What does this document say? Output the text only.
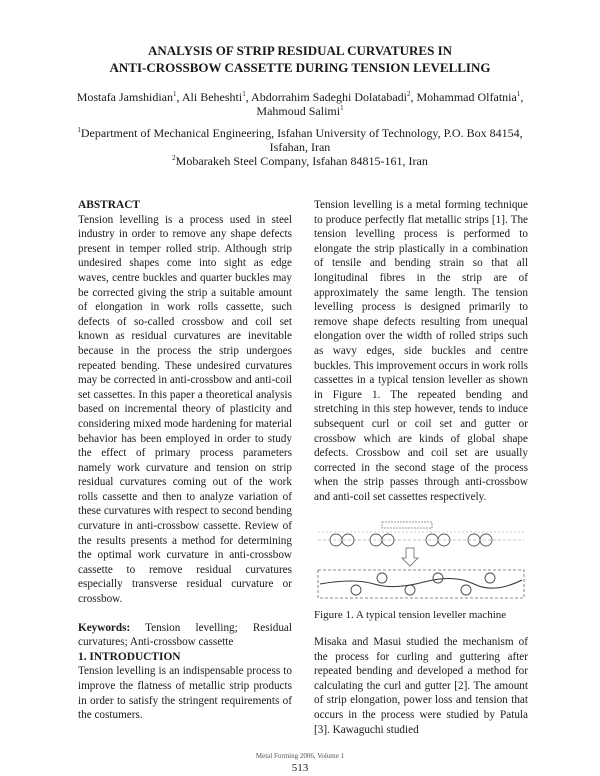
ANALYSIS OF STRIP RESIDUAL CURVATURES IN
ANTI-CROSSBOW CASSETTE DURING TENSION LEVELLING
Mostafa Jamshidian$^1$, Ali Beheshti$^1$, Abdorrahim Sadeghi Dolatabadi$^2$, Mohammad Olfatnia$^1$,
Mahmoud Salimi$^1$
$^1$Department of Mechanical Engineering, Isfahan University of Technology, P.O. Box 84154,
Isfahan, Iran
$^2$Mobarakeh Steel Company, Isfahan 84815-161, Iran

ABSTRACT

Tension levelling is a process used in steel industry in order to remove any shape defects present in temper rolled strip. Although strip undesired shapes come into sight as edge waves, centre buckles and quarter buckles may be corrected giving the strip a suitable amount of elongation in work rolls cassette, such defects of so-called crossbow and coil set known as residual curvatures are inevitable because in the process the strip undergoes repeated bending. These undesired curvatures may be corrected in anti-crossbow and anti-coil set cassettes. In this paper a theoretical analysis based on incremental theory of plasticity and considering mixed mode hardening for material behavior has been employed in order to study the effect of primary process parameters namely work curvature and tension on strip residual curvatures coming out of the work rolls cassette and then to analyze variation of these curvatures with respect to second bending curvature in anti-crossbow cassette. Review of the results presents a method for determining the optimal work curvature in anti-crossbow cassette to remove residual curvatures especially transverse residual curvature or crossbow.

Keywords: Tension levelling; Residual curvatures; Anti-crossbow cassette

1. INTRODUCTION

Tension levelling is an indispensable process to improve the flatness of metallic strip products in order to satisfy the stringent requirements of the costumers.

Tension levelling is a metal forming technique to produce perfectly flat metallic strips [1]. The tension levelling process is performed to elongate the strip plastically in a combination of tensile and bending strain so that all longitudinal fibres in the strip are of approximately the same length. The tension levelling process is designed primarily to remove shape defects resulting from unequal elongation over the width of rolled strips such as wavy edges, side buckles and centre buckles. This improvement occurs in work rolls cassettes in a typical tension leveller as shown in Figure 1. The repeated bending and stretching in this step however, tends to induce subsequent curl or coil set and gutter or crossbow which are kinds of global shape defects. Crossbow and coil set are usually corrected in the second stage of the process when the strip passes through anti-crossbow and anti-coil set cassettes respectively.

Figure 1. A typical tension leveller machine

Misaka and Masui studied the mechanism of the process for curling and guttering after repeated bending and developed a method for calculating the curl and gutter [2]. The amount of strip elongation, power loss and tension that occurs in the process were studied by Patula [3]. Kawaguchi studied

Metal Forming 2006, Volume 1
513
